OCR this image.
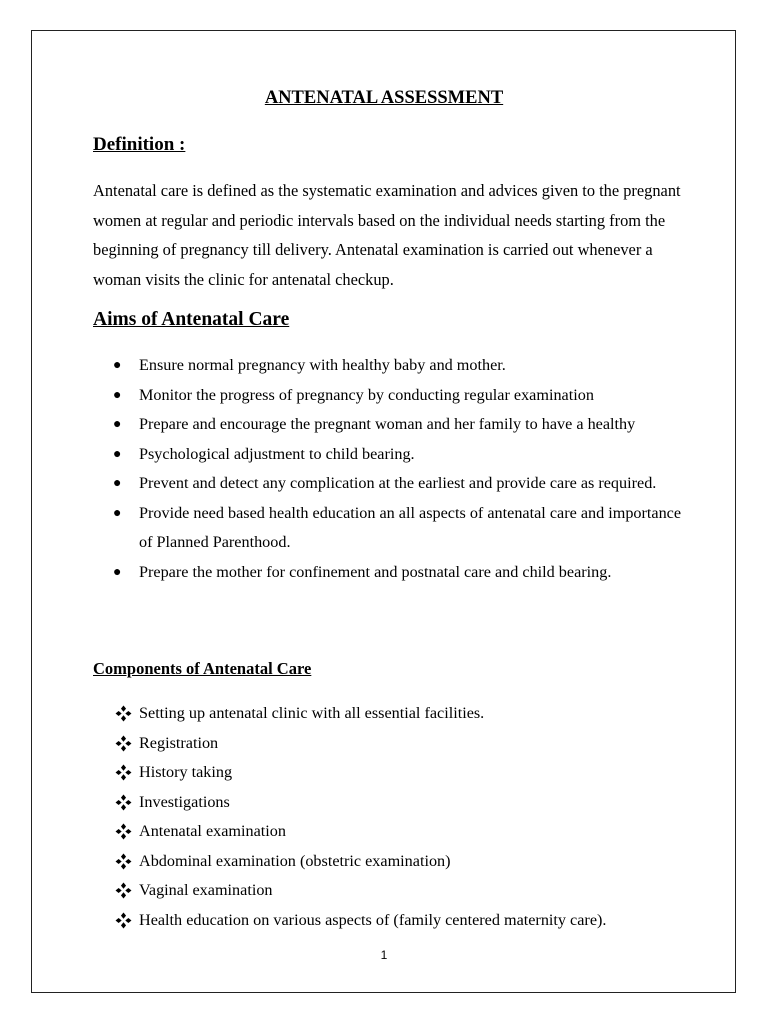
ANTENATAL ASSESSMENT
Definition :

Antenatal care is defined as the systematic examination and advices given to the pregnant women at regular and periodic intervals based on the individual needs starting from the beginning of pregnancy till delivery. Antenatal examination is carried out whenever a woman visits the clinic for antenatal checkup.

Aims of Antenatal Care
● Ensure normal pregnancy with healthy baby and mother.
● Monitor the progress of pregnancy by conducting regular examination
● Prepare and encourage the pregnant woman and her family to have a healthy
● Psychological adjustment to child bearing.
● Prevent and detect any complication at the earliest and provide care as required.
● Provide need based health education an all aspects of antenatal care and importance of Planned Parenthood.
● Prepare the mother for confinement and postnatal care and child bearing.
Components of Antenatal Care
Setting up antenatal clinic with all essential facilities.
Registration
History taking
Investigations
Antenatal examination
Abdominal examination (obstetric examination)
Vaginal examination
Health education on various aspects of (family centered maternity care).
1
